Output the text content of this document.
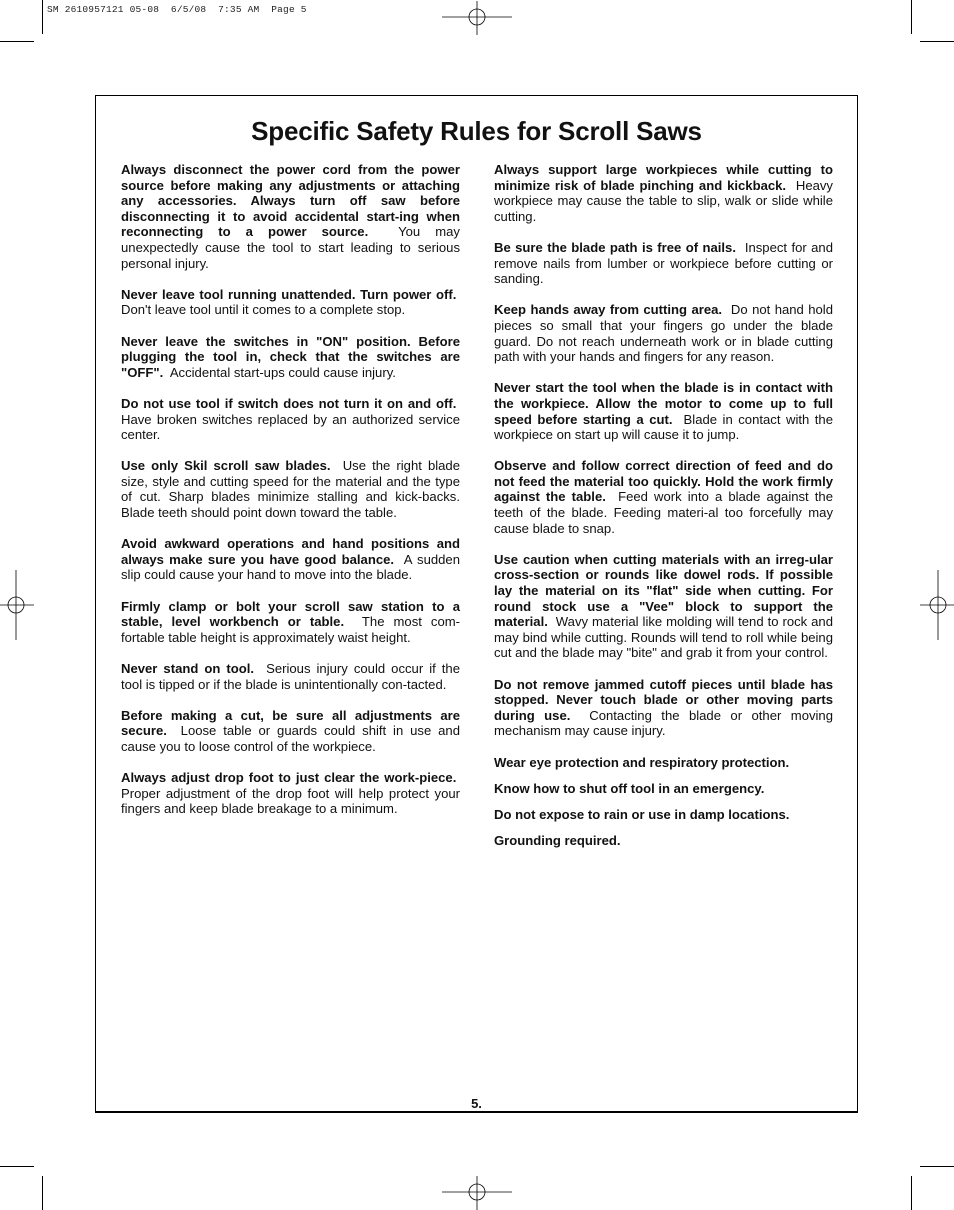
SM 2610957121 05-08  6/5/08  7:35 AM  Page 5
Specific Safety Rules for Scroll Saws

Always disconnect the power cord from the power source before making any adjustments or attaching any accessories. Always turn off saw before disconnecting it to avoid accidental start-ing when reconnecting to a power source. You may unexpectedly cause the tool to start leading to serious personal injury.

Never leave tool running unattended. Turn power off.  Don't leave tool until it comes to a complete stop.

Never leave the switches in "ON" position. Before plugging the tool in, check that the switches are "OFF". Accidental start-ups could cause injury.

Do not use tool if switch does not turn it on and off.  Have broken switches replaced by an authorized service center.

Use only Skil scroll saw blades. Use the right blade size, style and cutting speed for the material and the type of cut. Sharp blades minimize stalling and kick-backs. Blade teeth should point down toward the table.

Avoid awkward operations and hand positions and always make sure you have good balance. A sudden slip could cause your hand to move into the blade.

Firmly clamp or bolt your scroll saw station to a stable, level workbench or table. The most com-fortable table height is approximately waist height.

Never stand on tool. Serious injury could occur if the tool is tipped or if the blade is unintentionally con-tacted.

Before making a cut, be sure all adjustments are secure. Loose table or guards could shift in use and cause you to loose control of the workpiece.

Always adjust drop foot to just clear the work-piece.  Proper adjustment of the drop foot will help protect your fingers and keep blade breakage to a minimum.

Always support large workpieces while cutting to minimize risk of blade pinching and kickback. Heavy workpiece may cause the table to slip, walk or slide while cutting.

Be sure the blade path is free of nails. Inspect for and remove nails from lumber or workpiece before cutting or sanding.

Keep hands away from cutting area. Do not hand hold pieces so small that your fingers go under the blade guard. Do not reach underneath work or in blade cutting path with your hands and fingers for any reason.

Never start the tool when the blade is in contact with the workpiece. Allow the motor to come up to full speed before starting a cut. Blade in contact with the workpiece on start up will cause it to jump.

Observe and follow correct direction of feed and do not feed the material too quickly. Hold the work firmly against the table. Feed work into a blade against the teeth of the blade. Feeding materi-al too forcefully may cause blade to snap.

Use caution when cutting materials with an irreg-ular cross-section or rounds like dowel rods. If possible lay the material on its "flat" side when cutting. For round stock use a "Vee" block to support the material. Wavy material like molding will tend to rock and may bind while cutting. Rounds will tend to roll while being cut and the blade may "bite" and grab it from your control.

Do not remove jammed cutoff pieces until blade has stopped. Never touch blade or other moving parts during use. Contacting the blade or other moving mechanism may cause injury.

Wear eye protection and respiratory protection.

Know how to shut off tool in an emergency.

Do not expose to rain or use in damp locations.

Grounding required.

5.
